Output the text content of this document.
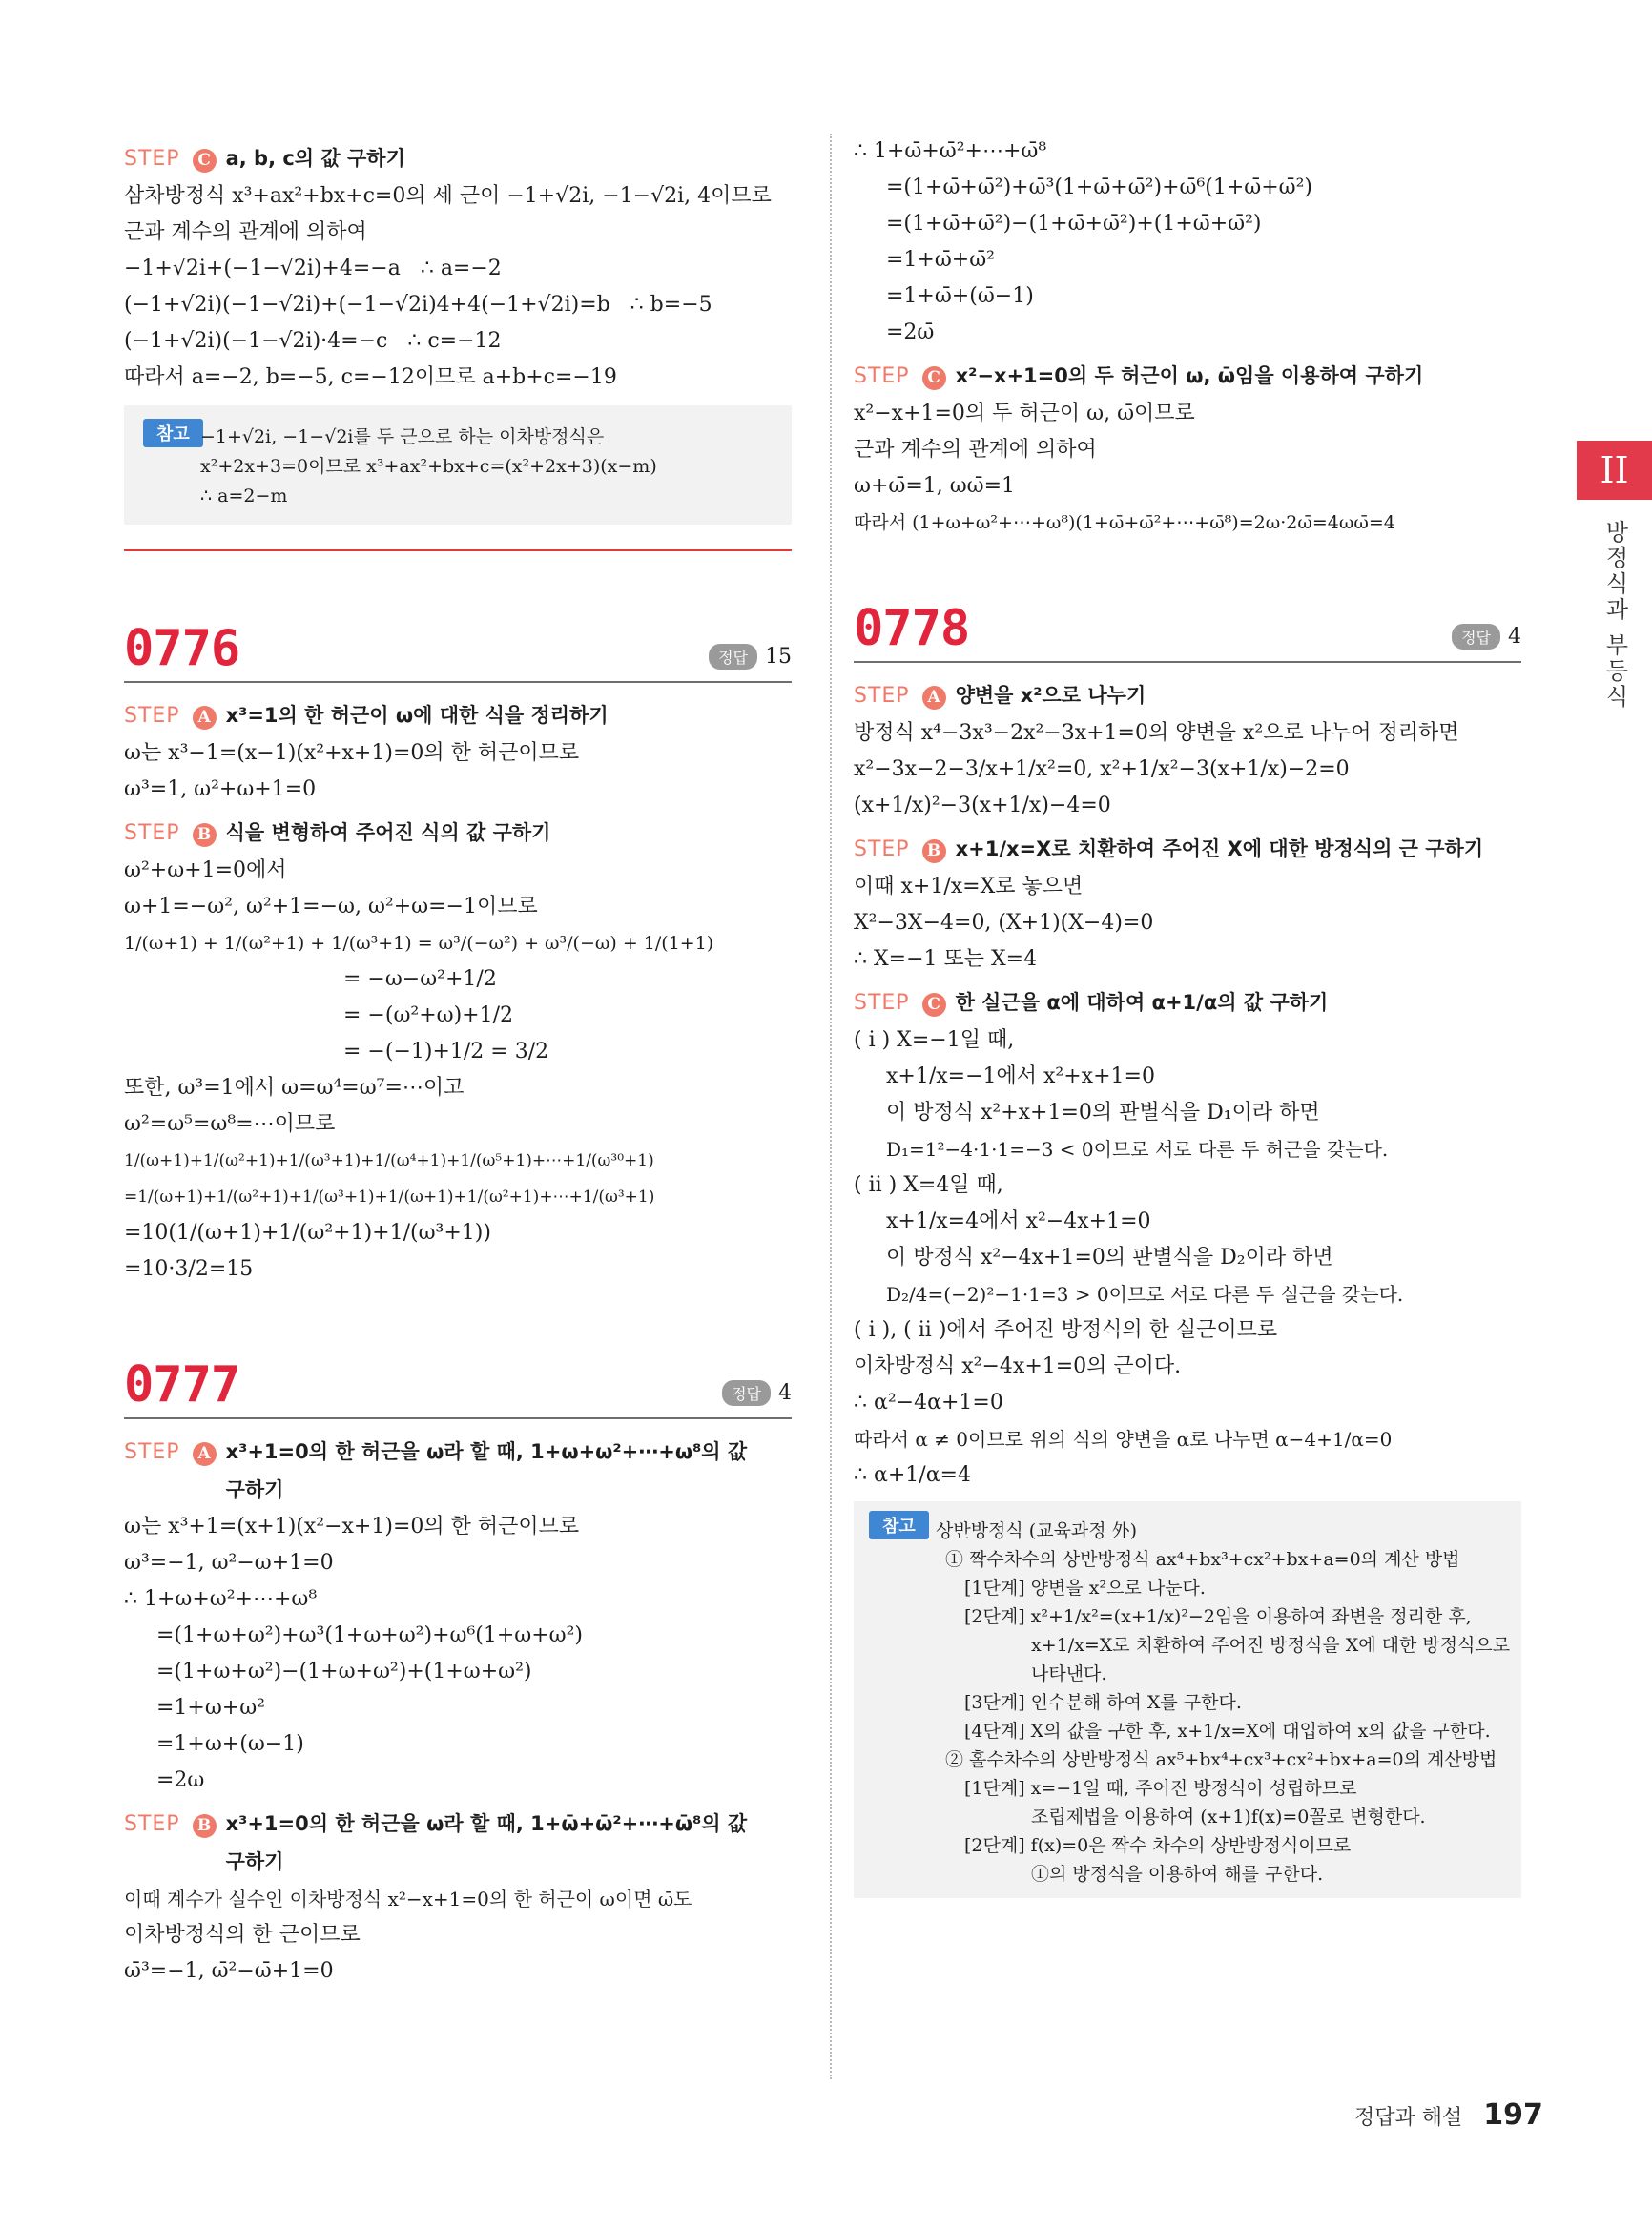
STEP	C a, b, c의 값 구하기
삼차방정식 x³+ax²+bx+c=0의 세 근이 −1+√2i, −1−√2i, 4이므로
근과 계수의 관계에 의하여
−1+√2i+(−1−√2i)+4=−a   ∴ a=−2
(−1+√2i)(−1−√2i)+(−1−√2i)4+4(−1+√2i)=b   ∴ b=−5
(−1+√2i)(−1−√2i)·4=−c   ∴ c=−12
따라서 a=−2, b=−5, c=−12이므로 a+b+c=−19
참고 −1+√2i, −1−√2i를 두 근으로 하는 이차방정식은
x²+2x+3=0이므로 x³+ax²+bx+c=(x²+2x+3)(x−m)
∴ a=2−m
0776	정답 15
STEP	A x³=1의 한 허근이 ω에 대한 식을 정리하기
ω는 x³−1=(x−1)(x²+x+1)=0의 한 허근이므로
ω³=1, ω²+ω+1=0
STEP	B 식을 변형하여 주어진 식의 값 구하기
ω²+ω+1=0에서
ω+1=−ω², ω²+1=−ω, ω²+ω=−1이므로
1/(ω+1) + 1/(ω²+1) + 1/(ω³+1) = ω³/(−ω²) + ω³/(−ω) + 1/(1+1)
= −ω−ω²+1/2
= −(ω²+ω)+1/2
= −(−1)+1/2 = 3/2
또한, ω³=1에서 ω=ω⁴=ω⁷=⋯이고
ω²=ω⁵=ω⁸=⋯이므로
1/(ω+1)+1/(ω²+1)+1/(ω³+1)+1/(ω⁴+1)+1/(ω⁵+1)+⋯+1/(ω³⁰+1)
=1/(ω+1)+1/(ω²+1)+1/(ω³+1)+1/(ω+1)+1/(ω²+1)+⋯+1/(ω³+1)
=10(1/(ω+1)+1/(ω²+1)+1/(ω³+1))
=10·3/2=15
0777	정답 4
STEP	A x³+1=0의 한 허근을 ω라 할 때, 1+ω+ω²+⋯+ω⁸의 값
구하기
ω는 x³+1=(x+1)(x²−x+1)=0의 한 허근이므로
ω³=−1, ω²−ω+1=0
∴ 1+ω+ω²+⋯+ω⁸
=(1+ω+ω²)+ω³(1+ω+ω²)+ω⁶(1+ω+ω²)
=(1+ω+ω²)−(1+ω+ω²)+(1+ω+ω²)
=1+ω+ω²
=1+ω+(ω−1)
=2ω
STEP	B x³+1=0의 한 허근을 ω라 할 때, 1+ω̄+ω̄²+⋯+ω̄⁸의 값
구하기
이때 계수가 실수인 이차방정식 x²−x+1=0의 한 허근이 ω이면 ω̄도
이차방정식의 한 근이므로
ω̄³=−1, ω̄²−ω̄+1=0
∴ 1+ω̄+ω̄²+⋯+ω̄⁸
=(1+ω̄+ω̄²)+ω̄³(1+ω̄+ω̄²)+ω̄⁶(1+ω̄+ω̄²)
=(1+ω̄+ω̄²)−(1+ω̄+ω̄²)+(1+ω̄+ω̄²)
=1+ω̄+ω̄²
=1+ω̄+(ω̄−1)
=2ω̄
STEP	C x²−x+1=0의 두 허근이 ω, ω̄임을 이용하여 구하기
x²−x+1=0의 두 허근이 ω, ω̄이므로
근과 계수의 관계에 의하여
ω+ω̄=1, ωω̄=1
따라서 (1+ω+ω²+⋯+ω⁸)(1+ω̄+ω̄²+⋯+ω̄⁸)=2ω·2ω̄=4ωω̄=4
0778	정답 4
STEP	A 양변을 x²으로 나누기
방정식 x⁴−3x³−2x²−3x+1=0의 양변을 x²으로 나누어 정리하면
x²−3x−2−3/x+1/x²=0, x²+1/x²−3(x+1/x)−2=0
(x+1/x)²−3(x+1/x)−4=0
STEP	B x+1/x=X로 치환하여 주어진 X에 대한 방정식의 근 구하기
이때 x+1/x=X로 놓으면
X²−3X−4=0, (X+1)(X−4)=0
∴ X=−1 또는 X=4
STEP	C 한 실근을 α에 대하여 α+1/α의 값 구하기
( i ) X=−1일 때,
x+1/x=−1에서 x²+x+1=0
이 방정식 x²+x+1=0의 판별식을 D₁이라 하면
D₁=1²−4·1·1=−3 < 0이므로 서로 다른 두 허근을 갖는다.
( ii ) X=4일 때,
x+1/x=4에서 x²−4x+1=0
이 방정식 x²−4x+1=0의 판별식을 D₂이라 하면
D₂/4=(−2)²−1·1=3 > 0이므로 서로 다른 두 실근을 갖는다.
( i ), ( ii )에서 주어진 방정식의 한 실근이므로
이차방정식 x²−4x+1=0의 근이다.
∴ α²−4α+1=0
따라서 α ≠ 0이므로 위의 식의 양변을 α로 나누면 α−4+1/α=0
∴ α+1/α=4
참고 상반방정식 (교육과정 外)
① 짝수차수의 상반방정식 ax⁴+bx³+cx²+bx+a=0의 계산 방법
[1단계] 양변을 x²으로 나눈다.
[2단계] x²+1/x²=(x+1/x)²−2임을 이용하여 좌변을 정리한 후,
x+1/x=X로 치환하여 주어진 방정식을 X에 대한 방정식으로
나타낸다.
[3단계] 인수분해 하여 X를 구한다.
[4단계] X의 값을 구한 후, x+1/x=X에 대입하여 x의 값을 구한다.
② 홀수차수의 상반방정식 ax⁵+bx⁴+cx³+cx²+bx+a=0의 계산방법
[1단계] x=−1일 때, 주어진 방정식이 성립하므로
조립제법을 이용하여 (x+1)f(x)=0꼴로 변형한다.
[2단계] f(x)=0은 짝수 차수의 상반방정식이므로
①의 방정식을 이용하여 해를 구한다.
II
방정식과 부등식
정답과 해설 197
